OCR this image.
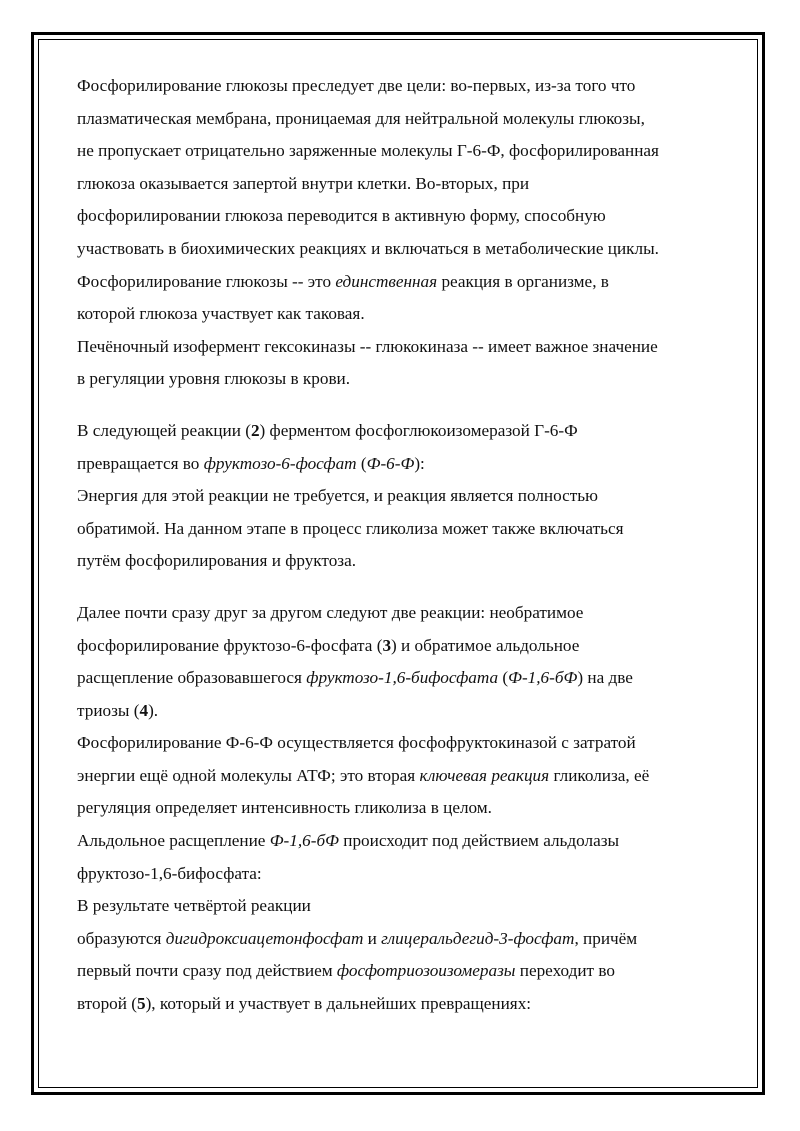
Фосфорилирование глюкозы преследует две цели: во-первых, из-за того что
плазматическая мембрана, проницаемая для нейтральной молекулы глюкозы,
не пропускает отрицательно заряженные молекулы Г-6-Ф, фосфорилированная
глюкоза оказывается запертой внутри клетки. Во-вторых, при
фосфорилировании глюкоза переводится в активную форму, способную
участвовать в биохимических реакциях и включаться в метаболические циклы.
Фосфорилирование глюкозы -- это единственная реакция в организме, в
которой глюкоза участвует как таковая.
Печёночный изофермент гексокиназы -- глюкокиназа -- имеет важное значение
в регуляции уровня глюкозы в крови.
В следующей реакции (2) ферментом фосфоглюкоизомеразой Г-6-Ф
превращается во фруктозо-6-фосфат (Ф-6-Ф):
Энергия для этой реакции не требуется, и реакция является полностью
обратимой. На данном этапе в процесс гликолиза может также включаться
путём фосфорилирования и фруктоза.
Далее почти сразу друг за другом следуют две реакции: необратимое
фосфорилирование фруктозо-6-фосфата (3) и обратимое альдольное
расщепление образовавшегося фруктозо-1,6-бифосфата (Ф-1,6-бФ) на две
триозы (4).
Фосфорилирование Ф-6-Ф осуществляется фосфофруктокиназой с затратой
энергии ещё одной молекулы АТФ; это вторая ключевая реакция гликолиза, её
регуляция определяет интенсивность гликолиза в целом.
Альдольное расщепление Ф-1,6-бФ происходит под действием альдолазы
фруктозо-1,6-бифосфата:
В результате четвёртой реакции
образуются дигидроксиацетонфосфат и глицеральдегид-3-фосфат, причём
первый почти сразу под действием фосфотриозоизомеразы переходит во
второй (5), который и участвует в дальнейших превращениях:
